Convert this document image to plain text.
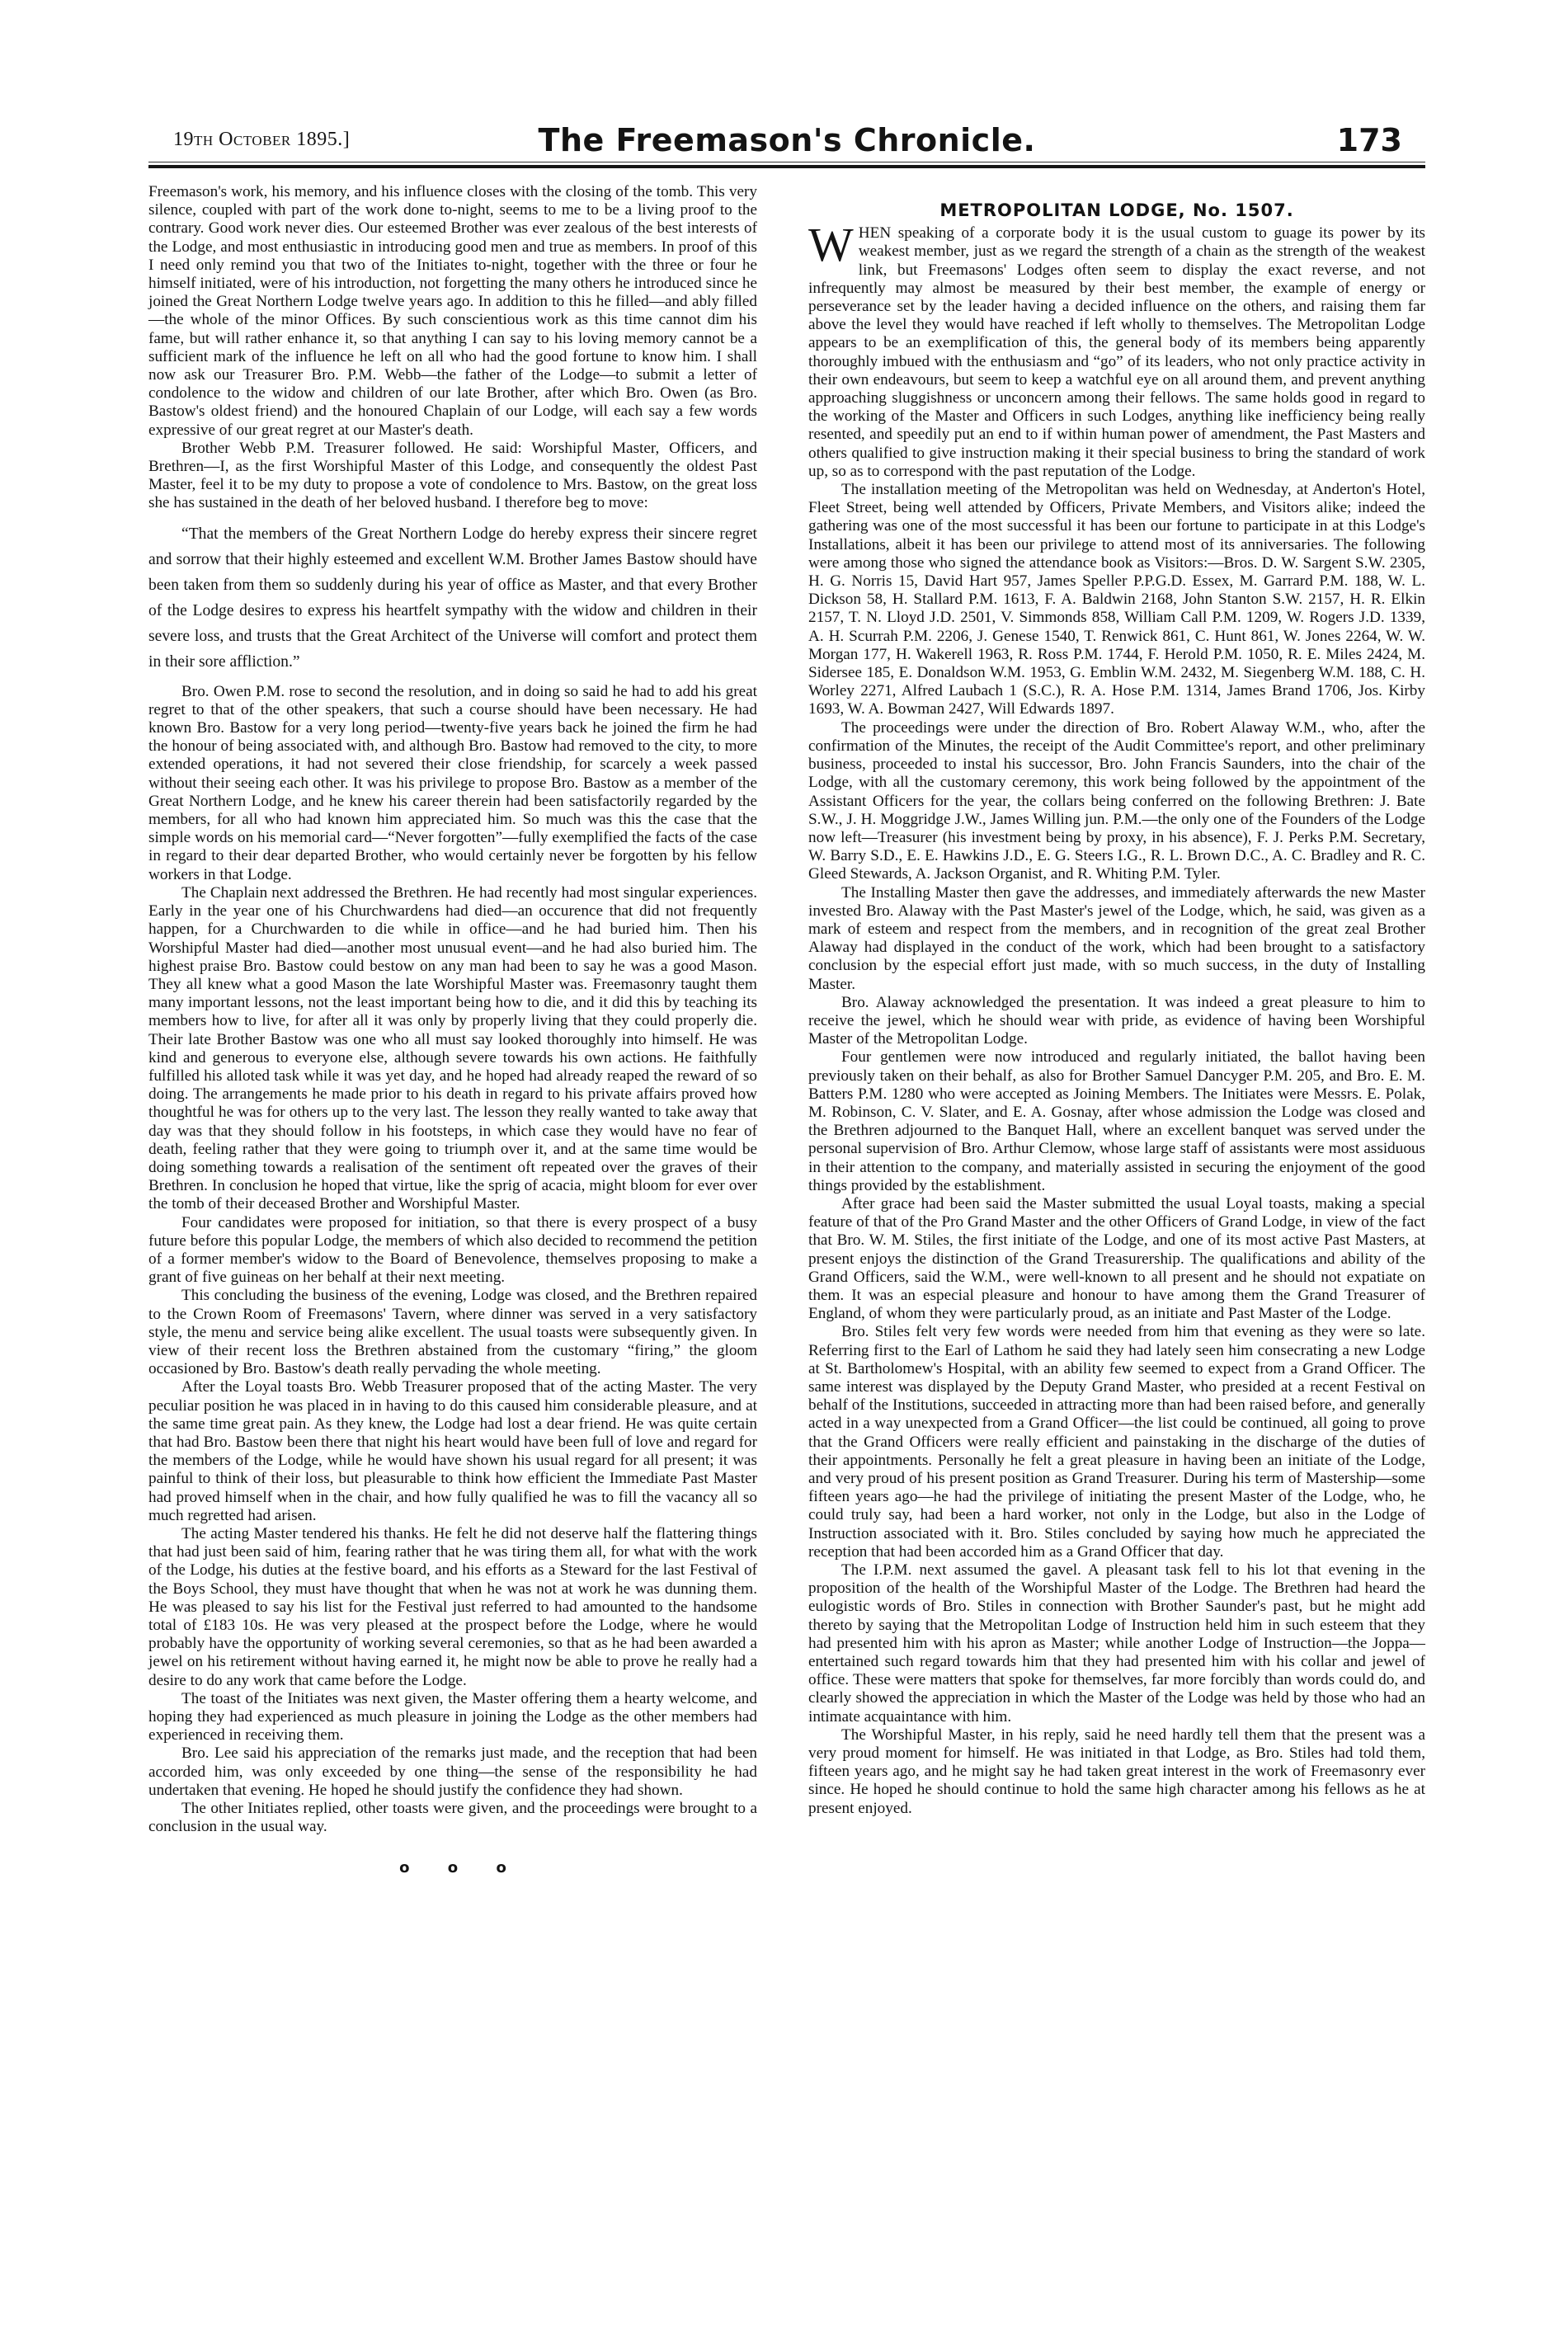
19th October 1895.]	The Freemason's Chronicle.	173

Freemason's work, his memory, and his influence closes with the closing of the tomb. This very silence, coupled with part of the work done to-night, seems to me to be a living proof to the contrary. Good work never dies. Our esteemed Brother was ever zealous of the best interests of the Lodge, and most enthusiastic in introducing good men and true as members. In proof of this I need only remind you that two of the Initiates to-night, together with the three or four he himself initiated, were of his introduction, not forgetting the many others he introduced since he joined the Great Northern Lodge twelve years ago. In addition to this he filled—and ably filled—the whole of the minor Offices. By such conscientious work as this time cannot dim his fame, but will rather enhance it, so that anything I can say to his loving memory cannot be a sufficient mark of the influence he left on all who had the good fortune to know him. I shall now ask our Treasurer Bro. P.M. Webb—the father of the Lodge—to submit a letter of condolence to the widow and children of our late Brother, after which Bro. Owen (as Bro. Bastow's oldest friend) and the honoured Chaplain of our Lodge, will each say a few words expressive of our great regret at our Master's death.

Brother Webb P.M. Treasurer followed. He said: Worshipful Master, Officers, and Brethren—I, as the first Worshipful Master of this Lodge, and consequently the oldest Past Master, feel it to be my duty to propose a vote of condolence to Mrs. Bastow, on the great loss she has sustained in the death of her beloved husband. I therefore beg to move:

“That the members of the Great Northern Lodge do hereby express their sincere regret and sorrow that their highly esteemed and excellent W.M. Brother James Bastow should have been taken from them so suddenly during his year of office as Master, and that every Brother of the Lodge desires to express his heartfelt sympathy with the widow and children in their severe loss, and trusts that the Great Architect of the Universe will comfort and protect them in their sore affliction.”

Bro. Owen P.M. rose to second the resolution, and in doing so said he had to add his great regret to that of the other speakers, that such a course should have been necessary. He had known Bro. Bastow for a very long period—twenty-five years back he joined the firm he had the honour of being associated with, and although Bro. Bastow had removed to the city, to more extended operations, it had not severed their close friendship, for scarcely a week passed without their seeing each other. It was his privilege to propose Bro. Bastow as a member of the Great Northern Lodge, and he knew his career therein had been satisfactorily regarded by the members, for all who had known him appreciated him. So much was this the case that the simple words on his memorial card—“Never forgotten”—fully exemplified the facts of the case in regard to their dear departed Brother, who would certainly never be forgotten by his fellow workers in that Lodge.

The Chaplain next addressed the Brethren. He had recently had most singular experiences. Early in the year one of his Churchwardens had died—an occurence that did not frequently happen, for a Churchwarden to die while in office—and he had buried him. Then his Worshipful Master had died—another most unusual event—and he had also buried him. The highest praise Bro. Bastow could bestow on any man had been to say he was a good Mason. They all knew what a good Mason the late Worshipful Master was. Freemasonry taught them many important lessons, not the least important being how to die, and it did this by teaching its members how to live, for after all it was only by properly living that they could properly die. Their late Brother Bastow was one who all must say looked thoroughly into himself. He was kind and generous to everyone else, although severe towards his own actions. He faithfully fulfilled his alloted task while it was yet day, and he hoped had already reaped the reward of so doing. The arrangements he made prior to his death in regard to his private affairs proved how thoughtful he was for others up to the very last. The lesson they really wanted to take away that day was that they should follow in his footsteps, in which case they would have no fear of death, feeling rather that they were going to triumph over it, and at the same time would be doing something towards a realisation of the sentiment oft repeated over the graves of their Brethren. In conclusion he hoped that virtue, like the sprig of acacia, might bloom for ever over the tomb of their deceased Brother and Worshipful Master.

Four candidates were proposed for initiation, so that there is every prospect of a busy future before this popular Lodge, the members of which also decided to recommend the petition of a former member's widow to the Board of Benevolence, themselves proposing to make a grant of five guineas on her behalf at their next meeting.

This concluding the business of the evening, Lodge was closed, and the Brethren repaired to the Crown Room of Freemasons' Tavern, where dinner was served in a very satisfactory style, the menu and service being alike excellent. The usual toasts were subsequently given. In view of their recent loss the Brethren abstained from the customary “firing,” the gloom occasioned by Bro. Bastow's death really pervading the whole meeting.

After the Loyal toasts Bro. Webb Treasurer proposed that of the acting Master. The very peculiar position he was placed in in having to do this caused him considerable pleasure, and at the same time great pain. As they knew, the Lodge had lost a dear friend. He was quite certain that had Bro. Bastow been there that night his heart would have been full of love and regard for the members of the Lodge, while he would have shown his usual regard for all present; it was painful to think of their loss, but pleasurable to think how efficient the Immediate Past Master had proved himself when in the chair, and how fully qualified he was to fill the vacancy all so much regretted had arisen.

The acting Master tendered his thanks. He felt he did not deserve half the flattering things that had just been said of him, fearing rather that he was tiring them all, for what with the work of the Lodge, his duties at the festive board, and his efforts as a Steward for the last Festival of the Boys School, they must have thought that when he was not at work he was dunning them. He was pleased to say his list for the Festival just referred to had amounted to the handsome total of £183 10s. He was very pleased at the prospect before the Lodge, where he would probably have the opportunity of working several ceremonies, so that as he had been awarded a jewel on his retirement without having earned it, he might now be able to prove he really had a desire to do any work that came before the Lodge.

The toast of the Initiates was next given, the Master offering them a hearty welcome, and hoping they had experienced as much pleasure in joining the Lodge as the other members had experienced in receiving them.

Bro. Lee said his appreciation of the remarks just made, and the reception that had been accorded him, was only exceeded by one thing—the sense of the responsibility he had undertaken that evening. He hoped he should justify the confidence they had shown.

The other Initiates replied, other toasts were given, and the proceedings were brought to a conclusion in the usual way.

o o o
METROPOLITAN LODGE, No. 1507.

WHEN speaking of a corporate body it is the usual custom to guage its power by its weakest member, just as we regard the strength of a chain as the strength of the weakest link, but Freemasons' Lodges often seem to display the exact reverse, and not infrequently may almost be measured by their best member, the example of energy or perseverance set by the leader having a decided influence on the others, and raising them far above the level they would have reached if left wholly to themselves. The Metropolitan Lodge appears to be an exemplification of this, the general body of its members being apparently thoroughly imbued with the enthusiasm and “go” of its leaders, who not only practice activity in their own endeavours, but seem to keep a watchful eye on all around them, and prevent anything approaching sluggishness or unconcern among their fellows. The same holds good in regard to the working of the Master and Officers in such Lodges, anything like inefficiency being really resented, and speedily put an end to if within human power of amendment, the Past Masters and others qualified to give instruction making it their special business to bring the standard of work up, so as to correspond with the past reputation of the Lodge.

The installation meeting of the Metropolitan was held on Wednesday, at Anderton's Hotel, Fleet Street, being well attended by Officers, Private Members, and Visitors alike; indeed the gathering was one of the most successful it has been our fortune to participate in at this Lodge's Installations, albeit it has been our privilege to attend most of its anniversaries. The following were among those who signed the attendance book as Visitors:—Bros. D. W. Sargent S.W. 2305, H. G. Norris 15, David Hart 957, James Speller P.P.G.D. Essex, M. Garrard P.M. 188, W. L. Dickson 58, H. Stallard P.M. 1613, F. A. Baldwin 2168, John Stanton S.W. 2157, H. R. Elkin 2157, T. N. Lloyd J.D. 2501, V. Simmonds 858, William Call P.M. 1209, W. Rogers J.D. 1339, A. H. Scurrah P.M. 2206, J. Genese 1540, T. Renwick 861, C. Hunt 861, W. Jones 2264, W. W. Morgan 177, H. Wakerell 1963, R. Ross P.M. 1744, F. Herold P.M. 1050, R. E. Miles 2424, M. Sidersee 185, E. Donaldson W.M. 1953, G. Emblin W.M. 2432, M. Siegenberg W.M. 188, C. H. Worley 2271, Alfred Laubach 1 (S.C.), R. A. Hose P.M. 1314, James Brand 1706, Jos. Kirby 1693, W. A. Bowman 2427, Will Edwards 1897.

The proceedings were under the direction of Bro. Robert Alaway W.M., who, after the confirmation of the Minutes, the receipt of the Audit Committee's report, and other preliminary business, proceeded to instal his successor, Bro. John Francis Saunders, into the chair of the Lodge, with all the customary ceremony, this work being followed by the appointment of the Assistant Officers for the year, the collars being conferred on the following Brethren: J. Bate S.W., J. H. Moggridge J.W., James Willing jun. P.M.—the only one of the Founders of the Lodge now left—Treasurer (his investment being by proxy, in his absence), F. J. Perks P.M. Secretary, W. Barry S.D., E. E. Hawkins J.D., E. G. Steers I.G., R. L. Brown D.C., A. C. Bradley and R. C. Gleed Stewards, A. Jackson Organist, and R. Whiting P.M. Tyler.

The Installing Master then gave the addresses, and immediately afterwards the new Master invested Bro. Alaway with the Past Master's jewel of the Lodge, which, he said, was given as a mark of esteem and respect from the members, and in recognition of the great zeal Brother Alaway had displayed in the conduct of the work, which had been brought to a satisfactory conclusion by the especial effort just made, with so much success, in the duty of Installing Master.

Bro. Alaway acknowledged the presentation. It was indeed a great pleasure to him to receive the jewel, which he should wear with pride, as evidence of having been Worshipful Master of the Metropolitan Lodge.

Four gentlemen were now introduced and regularly initiated, the ballot having been previously taken on their behalf, as also for Brother Samuel Dancyger P.M. 205, and Bro. E. M. Batters P.M. 1280 who were accepted as Joining Members. The Initiates were Messrs. E. Polak, M. Robinson, C. V. Slater, and E. A. Gosnay, after whose admission the Lodge was closed and the Brethren adjourned to the Banquet Hall, where an excellent banquet was served under the personal supervision of Bro. Arthur Clemow, whose large staff of assistants were most assiduous in their attention to the company, and materially assisted in securing the enjoyment of the good things provided by the establishment.

After grace had been said the Master submitted the usual Loyal toasts, making a special feature of that of the Pro Grand Master and the other Officers of Grand Lodge, in view of the fact that Bro. W. M. Stiles, the first initiate of the Lodge, and one of its most active Past Masters, at present enjoys the distinction of the Grand Treasurership. The qualifications and ability of the Grand Officers, said the W.M., were well-known to all present and he should not expatiate on them. It was an especial pleasure and honour to have among them the Grand Treasurer of England, of whom they were particularly proud, as an initiate and Past Master of the Lodge.

Bro. Stiles felt very few words were needed from him that evening as they were so late. Referring first to the Earl of Lathom he said they had lately seen him consecrating a new Lodge at St. Bartholomew's Hospital, with an ability few seemed to expect from a Grand Officer. The same interest was displayed by the Deputy Grand Master, who presided at a recent Festival on behalf of the Institutions, succeeded in attracting more than had been raised before, and generally acted in a way unexpected from a Grand Officer—the list could be continued, all going to prove that the Grand Officers were really efficient and painstaking in the discharge of the duties of their appointments. Personally he felt a great pleasure in having been an initiate of the Lodge, and very proud of his present position as Grand Treasurer. During his term of Mastership—some fifteen years ago—he had the privilege of initiating the present Master of the Lodge, who, he could truly say, had been a hard worker, not only in the Lodge, but also in the Lodge of Instruction associated with it. Bro. Stiles concluded by saying how much he appreciated the reception that had been accorded him as a Grand Officer that day.

The I.P.M. next assumed the gavel. A pleasant task fell to his lot that evening in the proposition of the health of the Worshipful Master of the Lodge. The Brethren had heard the eulogistic words of Bro. Stiles in connection with Brother Saunder's past, but he might add thereto by saying that the Metropolitan Lodge of Instruction held him in such esteem that they had presented him with his apron as Master; while another Lodge of Instruction—the Joppa—entertained such regard towards him that they had presented him with his collar and jewel of office. These were matters that spoke for themselves, far more forcibly than words could do, and clearly showed the appreciation in which the Master of the Lodge was held by those who had an intimate acquaintance with him.

The Worshipful Master, in his reply, said he need hardly tell them that the present was a very proud moment for himself. He was initiated in that Lodge, as Bro. Stiles had told them, fifteen years ago, and he might say he had taken great interest in the work of Freemasonry ever since. He hoped he should continue to hold the same high character among his fellows as he at present enjoyed.
